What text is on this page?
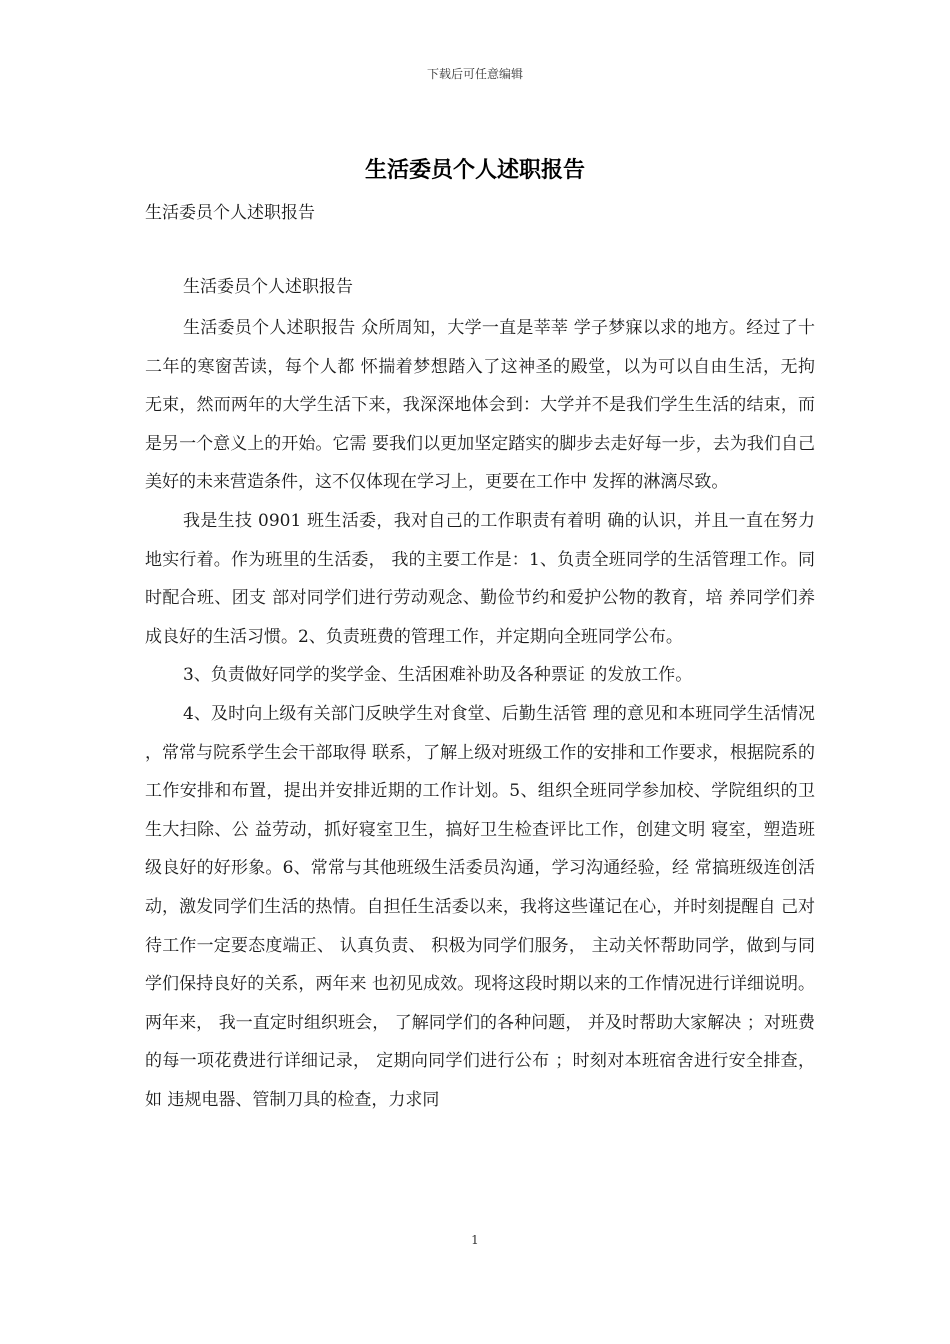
下载后可任意编辑
生活委员个人述职报告
生活委员个人述职报告
生活委员个人述职报告

生活委员个人述职报告 众所周知，大学一直是莘莘 学子梦寐以求的地方。经过了十二年的寒窗苦读，每个人都 怀揣着梦想踏入了这神圣的殿堂，以为可以自由生活，无拘 无束，然而两年的大学生活下来，我深深地体会到：大学并不是我们学生生活的结束，而是另一个意义上的开始。它需 要我们以更加坚定踏实的脚步去走好每一步，去为我们自己 美好的未来营造条件，这不仅体现在学习上，更要在工作中 发挥的淋漓尽致。

我是生技 0901 班生活委，我对自己的工作职责有着明 确的认识，并且一直在努力地实行着。作为班里的生活委， 我的主要工作是：1、负责全班同学的生活管理工作。同时配合班、团支 部对同学们进行劳动观念、勤俭节约和爱护公物的教育，培 养同学们养成良好的生活习惯。2、负责班费的管理工作，并定期向全班同学公布。

3、负责做好同学的奖学金、生活困难补助及各种票证 的发放工作。

4、及时向上级有关部门反映学生对食堂、后勤生活管 理的意见和本班同学生活情况 ，常常与院系学生会干部取得 联系，了解上级对班级工作的安排和工作要求，根据院系的 工作安排和布置，提出并安排近期的工作计划。5、组织全班同学参加校、学院组织的卫生大扫除、公 益劳动，抓好寝室卫生，搞好卫生检查评比工作，创建文明 寝室，塑造班级良好的好形象。6、常常与其他班级生活委员沟通，学习沟通经验，经 常搞班级连创活动，激发同学们生活的热情。自担任生活委以来，我将这些谨记在心，并时刻提醒自 己对待工作一定要态度端正、 认真负责、 积极为同学们服务， 主动关怀帮助同学，做到与同学们保持良好的关系，两年来 也初见成效。现将这段时期以来的工作情况进行详细说明。两年来， 我一直定时组织班会， 了解同学们的各种问题， 并及时帮助大家解决 ；对班费的每一项花费进行详细记录， 定期向同学们进行公布 ；时刻对本班宿舍进行安全排查，如 违规电器、管制刀具的检查，力求同

1
